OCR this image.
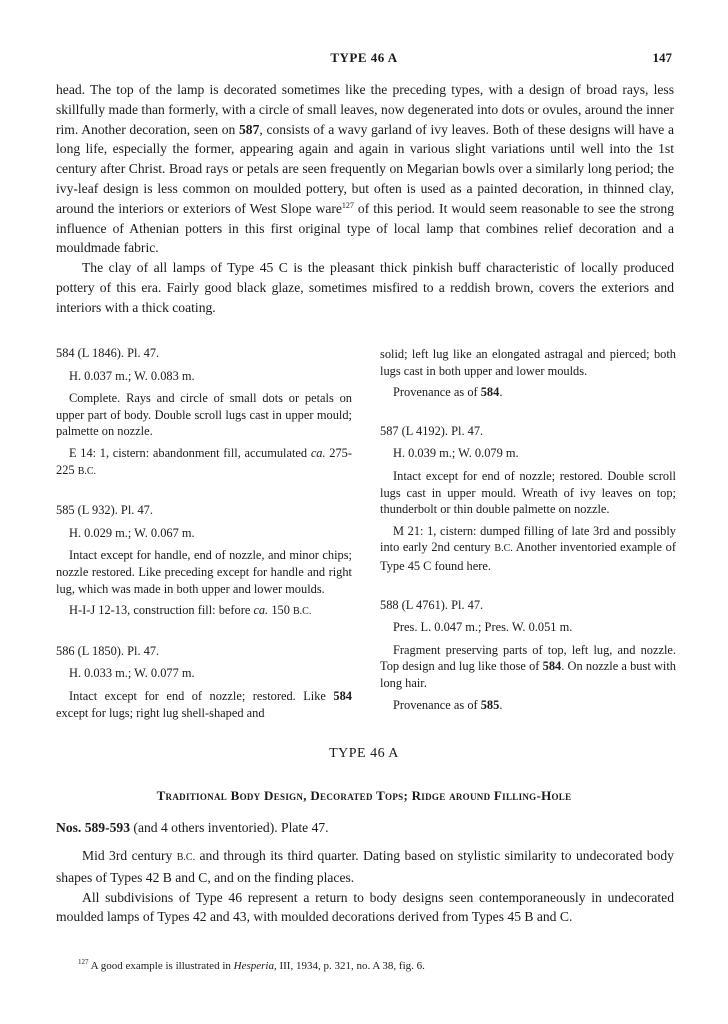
TYPE 46 A	147

head. The top of the lamp is decorated sometimes like the preceding types, with a design of broad rays, less skillfully made than formerly, with a circle of small leaves, now degenerated into dots or ovules, around the inner rim. Another decoration, seen on 587, consists of a wavy garland of ivy leaves. Both of these designs will have a long life, especially the former, appearing again and again in various slight variations until well into the 1st century after Christ. Broad rays or petals are seen frequently on Megarian bowls over a similarly long period; the ivy-leaf design is less common on moulded pottery, but often is used as a painted decoration, in thinned clay, around the interiors or exteriors of West Slope ware$^{127}$ of this period. It would seem reasonable to see the strong influence of Athenian potters in this first original type of local lamp that combines relief decoration and a mouldmade fabric.

The clay of all lamps of Type 45 C is the pleasant thick pinkish buff characteristic of locally produced pottery of this era. Fairly good black glaze, sometimes misfired to a reddish brown, covers the exteriors and interiors with a thick coating.

584 (L 1846). Pl. 47.

H. 0.037 m.; W. 0.083 m.

Complete. Rays and circle of small dots or petals on upper part of body. Double scroll lugs cast in upper mould; palmette on nozzle.

E 14: 1, cistern: abandonment fill, accumulated ca. 275-225 B.C.

585 (L 932). Pl. 47.

H. 0.029 m.; W. 0.067 m.

Intact except for handle, end of nozzle, and minor chips; nozzle restored. Like preceding except for handle and right lug, which was made in both upper and lower moulds.

H-I-J 12-13, construction fill: before ca. 150 B.C.

586 (L 1850). Pl. 47.

H. 0.033 m.; W. 0.077 m.

Intact except for end of nozzle; restored. Like 584 except for lugs; right lug shell-shaped and

solid; left lug like an elongated astragal and pierced; both lugs cast in both upper and lower moulds.

Provenance as of 584.

587 (L 4192). Pl. 47.

H. 0.039 m.; W. 0.079 m.

Intact except for end of nozzle; restored. Double scroll lugs cast in upper mould. Wreath of ivy leaves on top; thunderbolt or thin double palmette on nozzle.

M 21: 1, cistern: dumped filling of late 3rd and possibly into early 2nd century B.C. Another inventoried example of Type 45 C found here.

588 (L 4761). Pl. 47.

Pres. L. 0.047 m.; Pres. W. 0.051 m.

Fragment preserving parts of top, left lug, and nozzle. Top design and lug like those of 584. On nozzle a bust with long hair.

Provenance as of 585.

TYPE 46 A
Traditional Body Design, Decorated Tops; Ridge around Filling-Hole
Nos. 589-593 (and 4 others inventoried). Plate 47.

Mid 3rd century B.C. and through its third quarter. Dating based on stylistic similarity to undecorated body shapes of Types 42 B and C, and on the finding places.

All subdivisions of Type 46 represent a return to body designs seen contemporaneously in undecorated moulded lamps of Types 42 and 43, with moulded decorations derived from Types 45 B and C.

$^{127}$ A good example is illustrated in Hesperia, III, 1934, p. 321, no. A 38, fig. 6.
